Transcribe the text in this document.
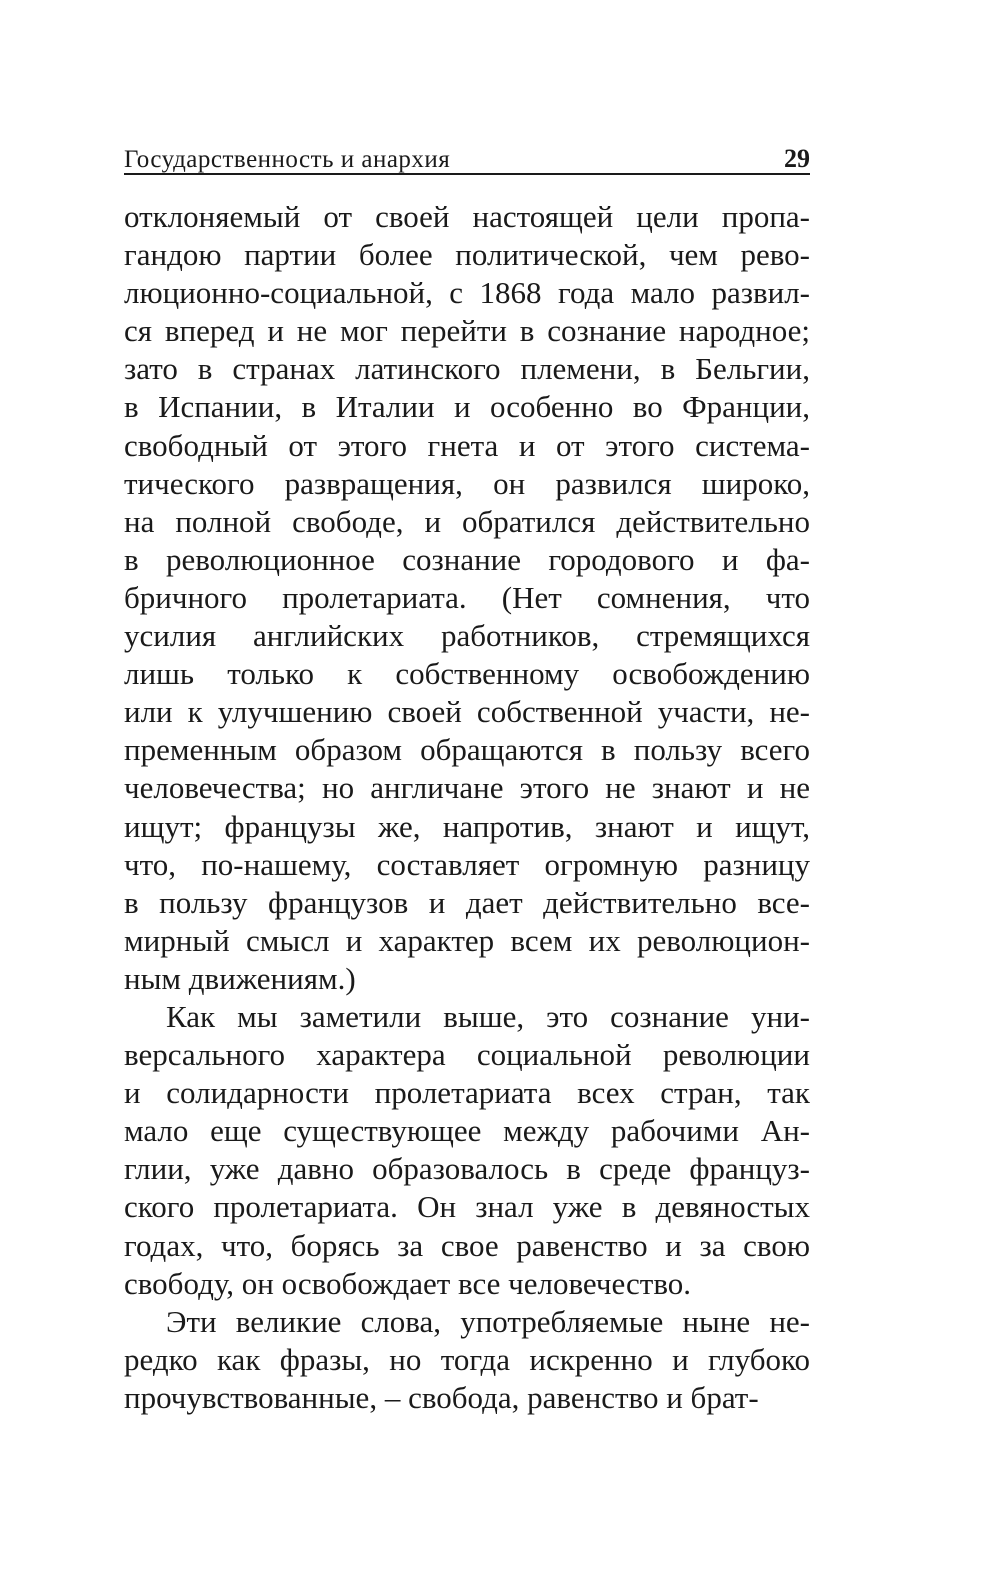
Государственность и анархия	29
отклоняемый от своей настоящей цели пропа-
гандою партии более политической, чем рево-
люционно-социальной, с 1868 года мало развил-
ся вперед и не мог перейти в сознание народное;
зато в странах латинского племени, в Бельгии,
в Испании, в Италии и особенно во Франции,
свободный от этого гнета и от этого система-
тического развращения, он развился широко,
на полной свободе, и обратился действительно
в революционное сознание городового и фа-
бричного пролетариата. (Нет сомнения, что
усилия английских работников, стремящихся
лишь только к собственному освобождению
или к улучшению своей собственной участи, не-
пременным образом обращаются в пользу всего
человечества; но англичане этого не знают и не
ищут; французы же, напротив, знают и ищут,
что, по-нашему, составляет огромную разницу
в пользу французов и дает действительно все-
мирный смысл и характер всем их революцион-
ным движениям.)
Как мы заметили выше, это сознание уни-
версального характера социальной революции
и солидарности пролетариата всех стран, так
мало еще существующее между рабочими Ан-
глии, уже давно образовалось в среде француз-
ского пролетариата. Он знал уже в девяностых
годах, что, борясь за свое равенство и за свою
свободу, он освобождает все человечество.
Эти великие слова, употребляемые ныне не-
редко как фразы, но тогда искренно и глубоко
прочувствованные, – свобода, равенство и брат-
